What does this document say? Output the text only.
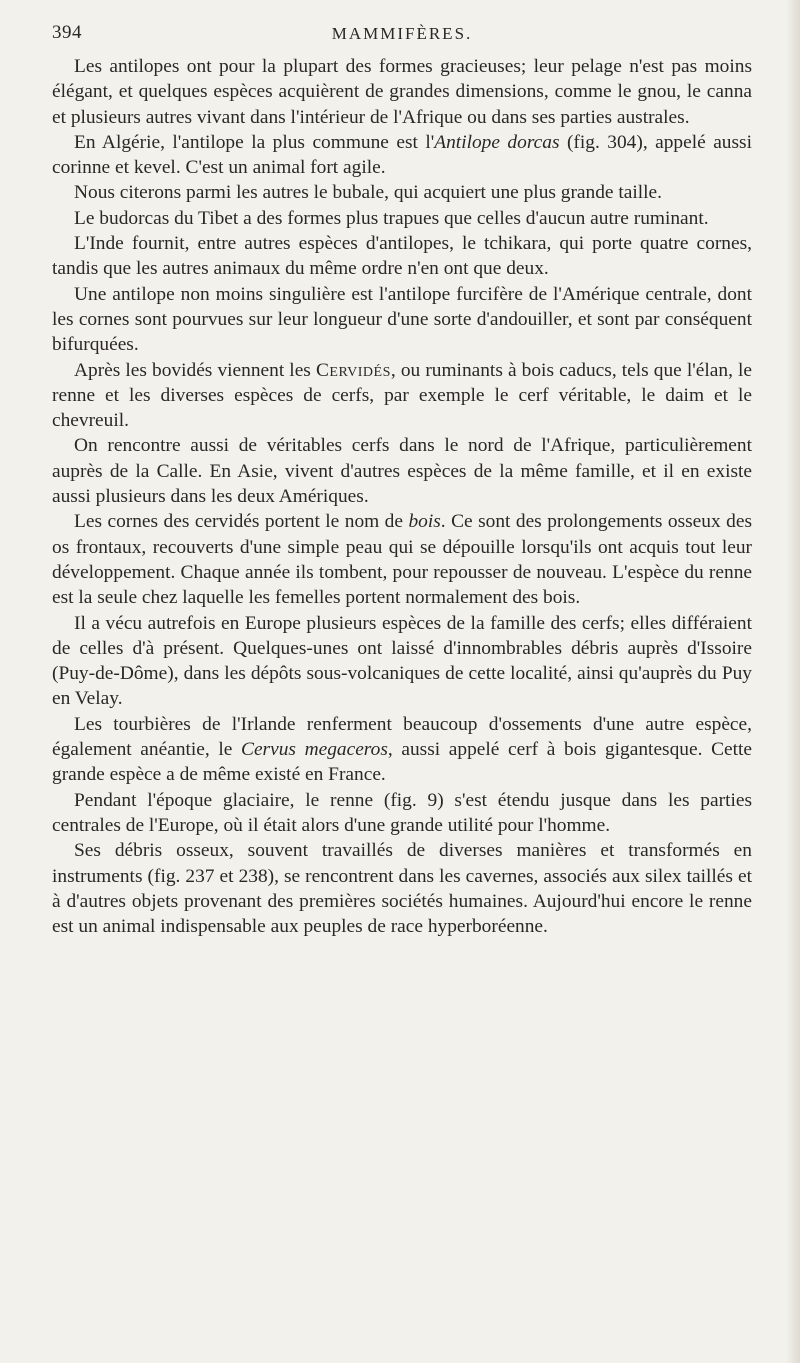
394	MAMMIFÈRES.

Les antilopes ont pour la plupart des formes gracieuses; leur pelage n'est pas moins élégant, et quelques espèces acquièrent de grandes dimensions, comme le gnou, le canna et plusieurs autres vivant dans l'intérieur de l'Afrique ou dans ses parties australes.

En Algérie, l'antilope la plus commune est l'Antilope dorcas (fig. 304), appelé aussi corinne et kevel. C'est un animal fort agile.

Nous citerons parmi les autres le bubale, qui acquiert une plus grande taille.

Le budorcas du Tibet a des formes plus trapues que celles d'aucun autre ruminant.

L'Inde fournit, entre autres espèces d'antilopes, le tchikara, qui porte quatre cornes, tandis que les autres animaux du même ordre n'en ont que deux.

Une antilope non moins singulière est l'antilope furcifère de l'Amérique centrale, dont les cornes sont pourvues sur leur longueur d'une sorte d'andouiller, et sont par conséquent bifurquées.

Après les bovidés viennent les Cervidés, ou ruminants à bois caducs, tels que l'élan, le renne et les diverses espèces de cerfs, par exemple le cerf véritable, le daim et le chevreuil.

On rencontre aussi de véritables cerfs dans le nord de l'Afrique, particulièrement auprès de la Calle. En Asie, vivent d'autres espèces de la même famille, et il en existe aussi plusieurs dans les deux Amériques.

Les cornes des cervidés portent le nom de bois. Ce sont des prolongements osseux des os frontaux, recouverts d'une simple peau qui se dépouille lorsqu'ils ont acquis tout leur développement. Chaque année ils tombent, pour repousser de nouveau. L'espèce du renne est la seule chez laquelle les femelles portent normalement des bois.

Il a vécu autrefois en Europe plusieurs espèces de la famille des cerfs; elles différaient de celles d'à présent. Quelques-unes ont laissé d'innombrables débris auprès d'Issoire (Puy-de-Dôme), dans les dépôts sous-volcaniques de cette localité, ainsi qu'auprès du Puy en Velay.

Les tourbières de l'Irlande renferment beaucoup d'ossements d'une autre espèce, également anéantie, le Cervus megaceros, aussi appelé cerf à bois gigantesque. Cette grande espèce a de même existé en France.

Pendant l'époque glaciaire, le renne (fig. 9) s'est étendu jusque dans les parties centrales de l'Europe, où il était alors d'une grande utilité pour l'homme.

Ses débris osseux, souvent travaillés de diverses manières et transformés en instruments (fig. 237 et 238), se rencontrent dans les cavernes, associés aux silex taillés et à d'autres objets provenant des premières sociétés humaines. Aujourd'hui encore le renne est un animal indispensable aux peuples de race hyperboréenne.
